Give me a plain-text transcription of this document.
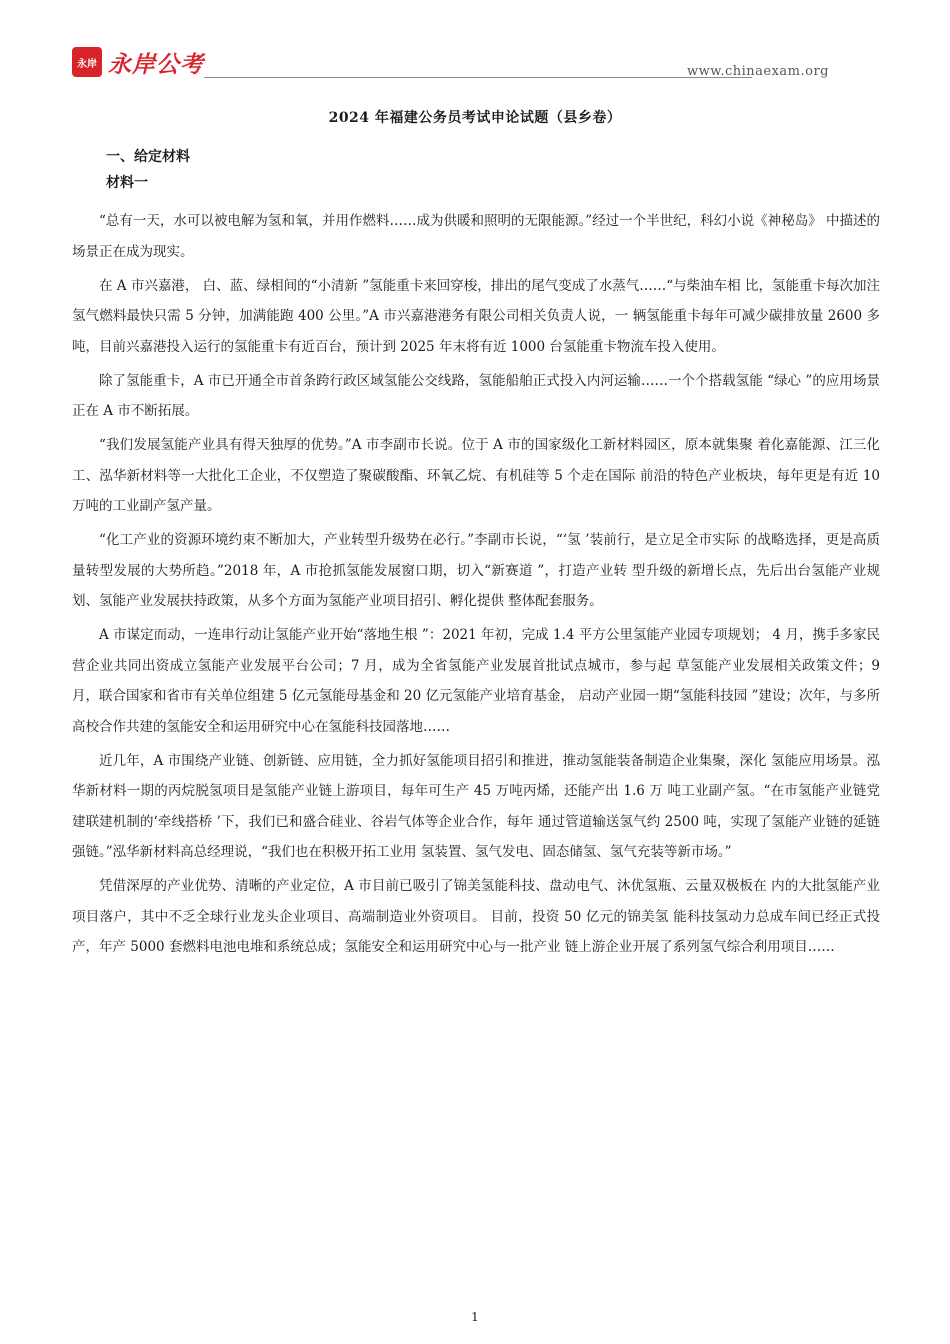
永岸 永岸公考	www.chinaexam.org
2024 年福建公务员考试申论试题（县乡卷）
一、给定材料
材料一

“总有一天，水可以被电解为氢和氧，并用作燃料……成为供暖和照明的无限能源。”经过一个半世纪，科幻小说《神秘岛》 中描述的场景正在成为现实。

在 A 市兴嘉港， 白、蓝、绿相间的“小清新 ”氢能重卡来回穿梭，排出的尾气变成了水蒸气……“与柴油车相 比，氢能重卡每次加注氢气燃料最快只需 5 分钟，加满能跑 400 公里。”A 市兴嘉港港务有限公司相关负责人说，一 辆氢能重卡每年可减少碳排放量 2600 多吨，目前兴嘉港投入运行的氢能重卡有近百台，预计到 2025 年末将有近 1000 台氢能重卡物流车投入使用。

除了氢能重卡，A 市已开通全市首条跨行政区域氢能公交线路，氢能船舶正式投入内河运输……一个个搭载氢能 “绿心 ”的应用场景正在 A 市不断拓展。

“我们发展氢能产业具有得天独厚的优势。”A 市李副市长说。位于 A 市的国家级化工新材料园区，原本就集聚 着化嘉能源、江三化工、泓华新材料等一大批化工企业，不仅塑造了聚碳酸酯、环氧乙烷、有机硅等 5 个走在国际 前沿的特色产业板块，每年更是有近 10 万吨的工业副产氢产量。

“化工产业的资源环境约束不断加大，产业转型升级势在必行。”李副市长说，“‘氢 ’装前行，是立足全市实际 的战略选择，更是高质量转型发展的大势所趋。”2018 年，A 市抢抓氢能发展窗口期，切入“新赛道 ”，打造产业转 型升级的新增长点，先后出台氢能产业规划、氢能产业发展扶持政策，从多个方面为氢能产业项目招引、孵化提供 整体配套服务。

A 市谋定而动，一连串行动让氢能产业开始“落地生根 ”：2021 年初，完成 1.4 平方公里氢能产业园专项规划； 4 月，携手多家民营企业共同出资成立氢能产业发展平台公司；7 月，成为全省氢能产业发展首批试点城市，参与起 草氢能产业发展相关政策文件；9 月，联合国家和省市有关单位组建 5 亿元氢能母基金和 20 亿元氢能产业培育基金， 启动产业园一期“氢能科技园 ”建设；次年，与多所高校合作共建的氢能安全和运用研究中心在氢能科技园落地……

近几年，A 市围绕产业链、创新链、应用链，全力抓好氢能项目招引和推进，推动氢能装备制造企业集聚，深化 氢能应用场景。泓华新材料一期的丙烷脱氢项目是氢能产业链上游项目，每年可生产 45 万吨丙烯，还能产出 1.6 万 吨工业副产氢。“在市氢能产业链党建联建机制的‘牵线搭桥 ’下，我们已和盛合硅业、谷岩气体等企业合作，每年 通过管道输送氢气约 2500 吨，实现了氢能产业链的延链强链。”泓华新材料高总经理说，“我们也在积极开拓工业用 氢装置、氢气发电、固态储氢、氢气充装等新市场。”

凭借深厚的产业优势、清晰的产业定位，A 市目前已吸引了锦美氢能科技、盘动电气、沐优氢瓶、云量双极板在 内的大批氢能产业项目落户，其中不乏全球行业龙头企业项目、高端制造业外资项目。 目前，投资 50 亿元的锦美氢 能科技氢动力总成车间已经正式投产，年产 5000 套燃料电池电堆和系统总成；氢能安全和运用研究中心与一批产业 链上游企业开展了系列氢气综合利用项目……

1
